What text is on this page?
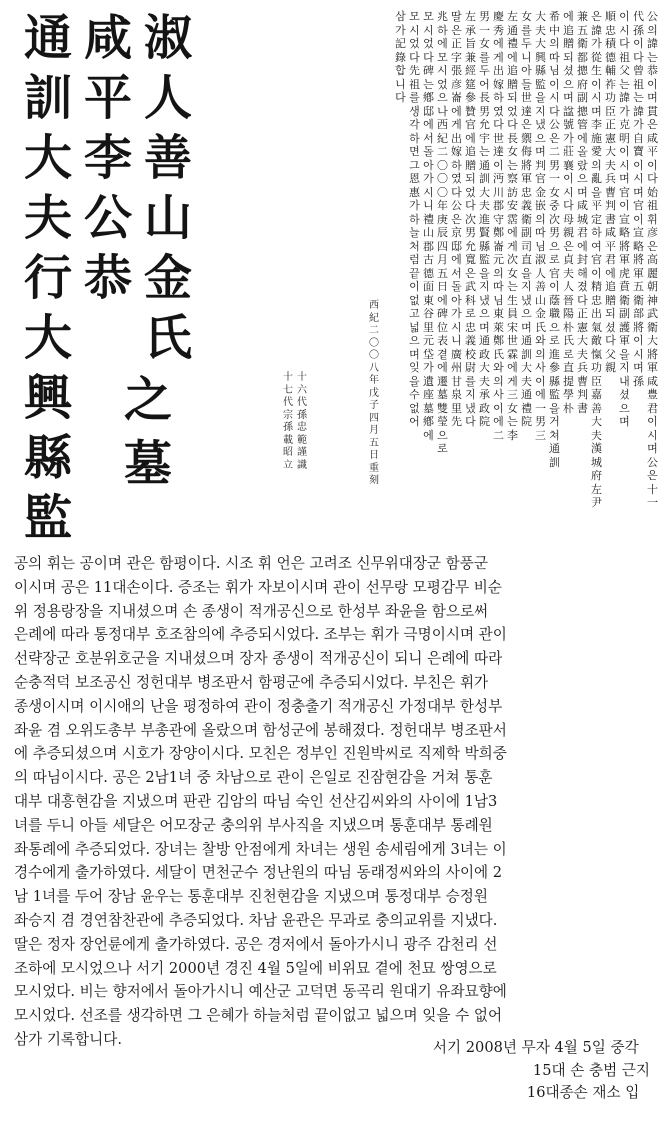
淑
人
善
山
金
氏
咸
平
李
公
恭
通
訓
大
夫
行
大
興
縣
監
之
墓
西
紀
二
〇
〇
八
年
戊
子
四
月
五
日
重
刻
十
六
代
孫
忠
範
謹
識
十
七
代
宗
孫
載
昭
立
公
의
諱
는
恭
이
며
貫
은
咸
平
이
다
始
祖
휘
彦
은
高
麗
朝
神
武
衛
大
將
軍
咸
豊
君
이
시
며
公
은
十
一
代
孫
이
다
曾
祖
는
諱
가
自
寶
이
시
며
官
이
宣
略
將
軍
五
衛
部
將
이
시
며
孫
이
시
다
祖
父
는
諱
가
克
明
이
시
며
官
이
宣
略
將
軍
虎
賁
衛
副
護
軍
을
지
내
셨
으
며
順
忠
積
德
輔
祚
功
臣
正
憲
大
夫
兵
曹
判
書
咸
平
君
에
追
贈
되
셨
다
父
親
은
諱
가
從
生
이
시
며
李
施
愛
의
亂
을
平
定
하
여
官
이
精
忠
出
氣
敵
愾
功
臣
嘉
善
大
夫
漢
城
府
左
尹
兼
五
衛
都
摠
府
副
摠
管
에
올
랐
으
며
咸
城
君
에
封
해
졌
다
正
憲
大
夫
兵
曹
判
書
에
追
贈
되
셨
으
며
諡
號
가
莊
襄
이
시
다
母
親
은
貞
夫
人
晉
陽
朴
氏
로
直
提
學
朴
希
中
의
따
님
이
시
다
公
은
二
男
一
女
중
次
男
으
로
官
이
蔭
職
으
로
進
參
縣
監
을
거
쳐
通
訓
大
夫
大
興
縣
監
을
지
냈
으
며
判
官
金
嵌
의
따
님
淑
人
善
山
金
氏
와
의
사
이
에
一
男
三
女
를
두
니
아
들
世
達
은
禦
侮
將
軍
忠
義
衛
副
司
直
을
지
냈
으
며
通
訓
大
夫
通
禮
院
左
通
禮
에
追
贈
되
었
다
長
女
는
察
訪
安
霑
에
게
次
女
는
生
員
宋
世
霖
에
게
三
女
는
李
慶
秀
에
게
出
嫁
하
였
다
世
達
이
沔
川
郡
守
鄭
崙
元
의
따
님
東
萊
鄭
氏
와
의
사
이
에
二
男
一
女
를
두
어
長
男
允
宇
는
通
訓
大
夫
進
賢
縣
監
을
지
냈
으
며
通
政
大
夫
承
政
院
左
承
旨
兼
經
筵
參
贊
官
에
追
贈
되
었
다
次
男
允
寬
은
武
科
로
忠
義
校
尉
를
지
냈
다
딸
은
正
字
張
彦
崙
에
게
出
嫁
하
였
다
公
은
京
邸
에
서
돌
아
가
시
니
廣
州
甘
泉
里
先
兆
하
에
모
시
었
으
나
西
紀
二
〇
〇
〇
年
庚
辰
四
月
五
日
에
碑
位
表
곁
에
遷
墓
雙
瑩
으
로
모
시
었
다
碑
는
鄕
邸
에
서
돌
아
가
시
니
禮
山
郡
古
德
面
東
谷
里
元
垈
가
遺
座
墓
鄕
에
모
시
었
다
先
祖
를
생
각
하
면
그
恩
惠
가
하
늘
처
럼
끝
이
없
고
넓
으
며
잊
을
수
없
어
삼
가
記
錄
합
니
다
공의 휘는 공이며 관은 함평이다. 시조 휘 언은 고려조 신무위대장군 함풍군
이시며 공은 11대손이다. 증조는 휘가 자보이시며 관이 선무랑 모평감무 비순
위 정용랑장을 지내셨으며 손 종생이 적개공신으로 한성부 좌윤을 함으로써
은례에 따라 통정대부 호조참의에 추증되시었다. 조부는 휘가 극명이시며 관이
선략장군 호분위호군을 지내셨으며 장자 종생이 적개공신이 되니 은례에 따라
순충적덕 보조공신 정헌대부 병조판서 함평군에 추증되시었다. 부친은 휘가
종생이시며 이시애의 난을 평정하여 관이 정충출기 적개공신 가정대부 한성부
좌윤 겸 오위도총부 부총관에 올랐으며 함성군에 봉해졌다. 정헌대부 병조판서
에 추증되셨으며 시호가 장양이시다. 모친은 정부인 진원박씨로 직제학 박희중
의 따님이시다. 공은 2남1녀 중 차남으로 관이 은일로 진잠현감을 거쳐 통훈
대부 대흥현감을 지냈으며 판관 김암의 따님 숙인 선산김씨와의 사이에 1남3
녀를 두니 아들 세달은 어모장군 충의위 부사직을 지냈으며 통훈대부 통례원
좌통례에 추증되었다. 장녀는 찰방 안점에게 차녀는 생원 송세림에게 3녀는 이
경수에게 출가하였다. 세달이 면천군수 정난원의 따님 동래정씨와의 사이에 2
남 1녀를 두어 장남 윤우는 통훈대부 진천현감을 지냈으며 통정대부 승정원
좌승지 겸 경연참찬관에 추증되었다. 차남 윤관은 무과로 충의교위를 지냈다.
딸은 정자 장언륜에게 출가하였다. 공은 경저에서 돌아가시니 광주 감천리 선
조하에 모시었으나 서기 2000년 경진 4월 5일에 비위묘 곁에 천묘 쌍영으로
모시었다. 비는 향저에서 돌아가시니 예산군 고덕면 동곡리 원대기 유좌묘향에
모시었다. 선조를 생각하면 그 은혜가 하늘처럼 끝이없고 넓으며 잊을 수 없어
삼가 기록합니다.	서기 2008년 무자 4월 5일 중각
15대 손 충범 근지
16대종손 재소 입
